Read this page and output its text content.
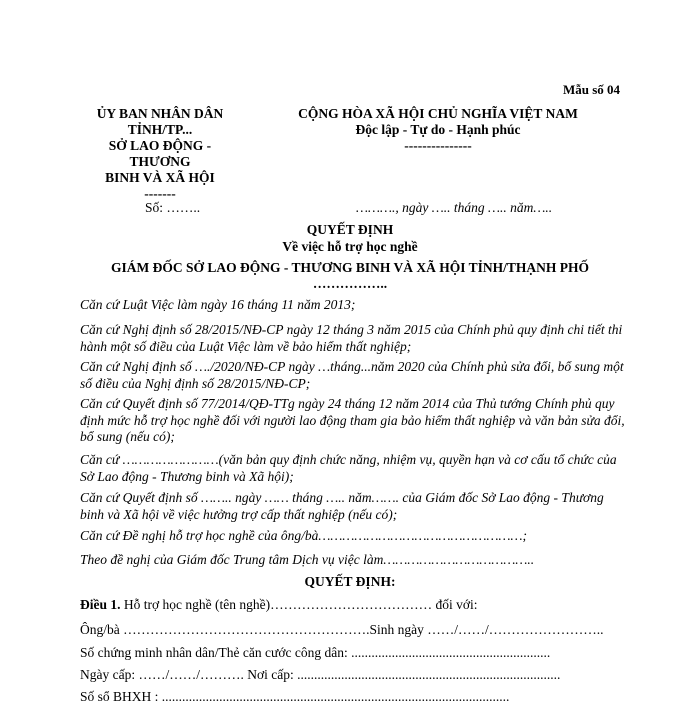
Mẫu số 04
ỦY BAN NHÂN DÂN
TỈNH/TP...
SỞ LAO ĐỘNG - THƯƠNG
BINH VÀ XÃ HỘI
-------
CỘNG HÒA XÃ HỘI CHỦ NGHĨA VIỆT NAM
Độc lập - Tự do - Hạnh phúc
---------------
Số: ……..	………., ngày ….. tháng ….. năm…..
QUYẾT ĐỊNH
Về việc hỗ trợ học nghề
GIÁM ĐỐC SỞ LAO ĐỘNG - THƯƠNG BINH VÀ XÃ HỘI TỈNH/THẠNH PHỐ
……………..
Căn cứ Luật Việc làm ngày 16 tháng 11 năm 2013;
Căn cứ Nghị định số 28/2015/NĐ-CP ngày 12 tháng 3 năm 2015 của Chính phủ quy định chi tiết thi hành một số điều của Luật Việc làm về bảo hiểm thất nghiệp;
Căn cứ Nghị định số …./2020/NĐ-CP ngày …tháng...năm 2020 của Chính phủ sửa đổi, bổ sung một số điều của Nghị định số 28/2015/NĐ-CP;
Căn cứ Quyết định số 77/2014/QĐ-TTg ngày 24 tháng 12 năm 2014 của Thủ tướng Chính phủ quy định mức hỗ trợ học nghề đối với người lao động tham gia bảo hiểm thất nghiệp và văn bản sửa đổi, bổ sung (nếu có);
Căn cứ ……………………(văn bản quy định chức năng, nhiệm vụ, quyền hạn và cơ cấu tổ chức của Sở Lao động - Thương binh và Xã hội);
Căn cứ Quyết định số …….. ngày …… tháng ….. năm……. của Giám đốc Sở Lao động - Thương binh và Xã hội về việc hưởng trợ cấp thất nghiệp (nếu có);
Căn cứ Đề nghị hỗ trợ học nghề của ông/bà……………………………………………;
Theo đề nghị của Giám đốc Trung tâm Dịch vụ việc làm………………………………..
QUYẾT ĐỊNH:
Điều 1. Hỗ trợ học nghề (tên nghề)……………………………… đối với:
Ông/bà ……………………………………………….Sinh ngày ……/……/……………………..
Số chứng minh nhân dân/Thẻ căn cước công dân: ...........................................................
Ngày cấp: ……/……/………. Nơi cấp: ..............................................................................
Số sổ BHXH : .......................................................................................................
